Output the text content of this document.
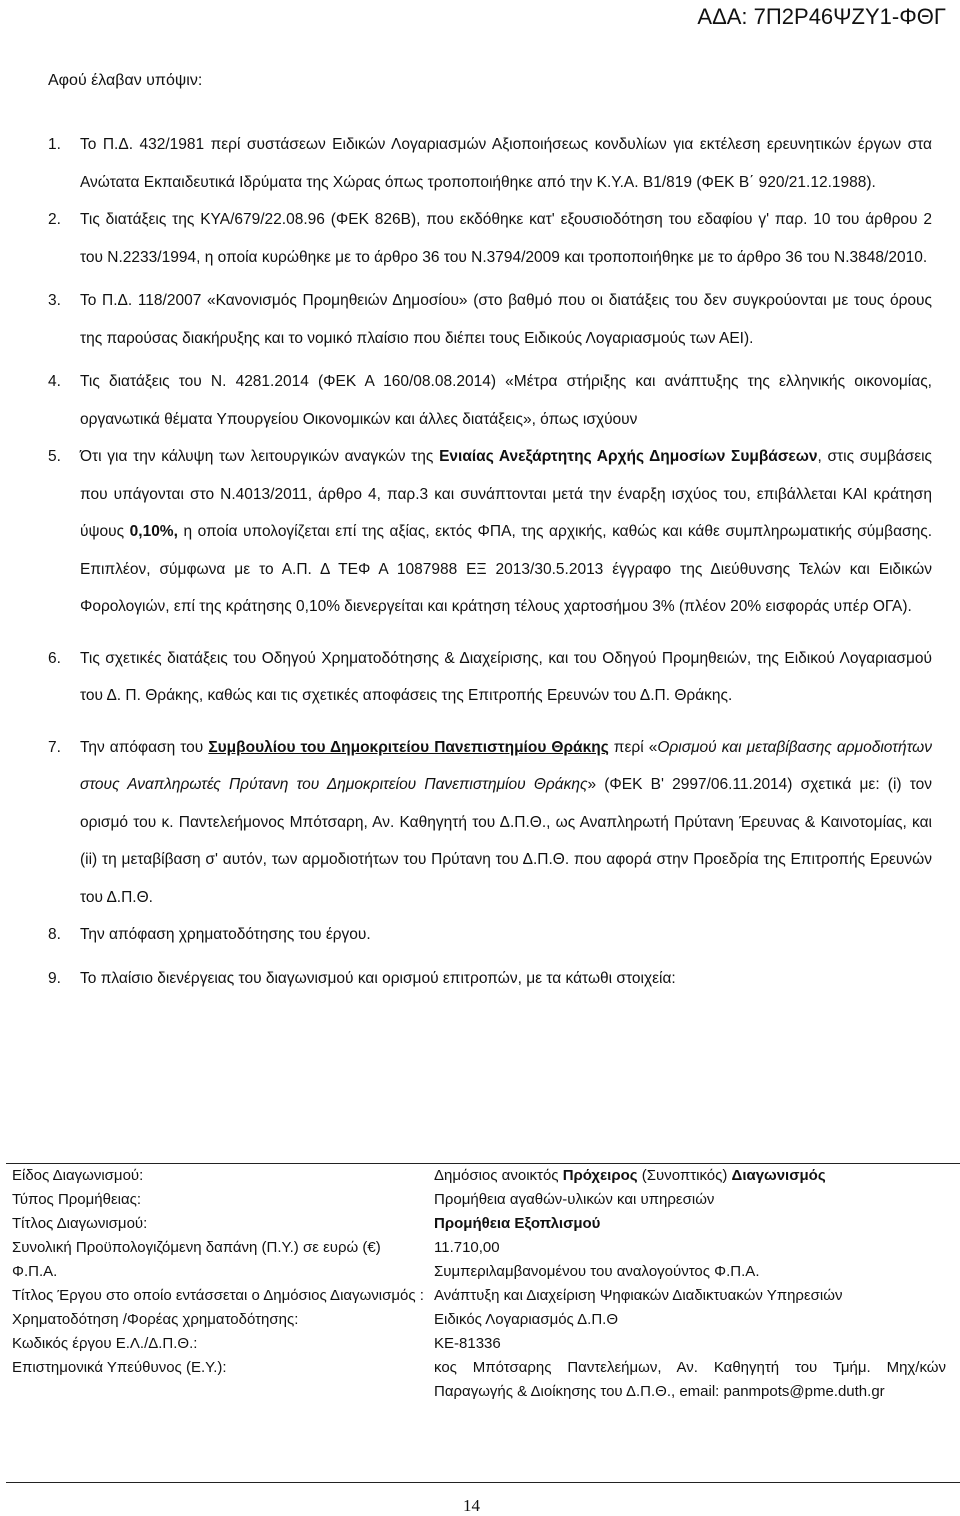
ΑΔΑ: 7Π2Ρ46ΨΖΥ1-ΦΘΓ
Αφού έλαβαν υπόψιν:
1. Το Π.Δ. 432/1981 περί συστάσεων Ειδικών Λογαριασμών Αξιοποιήσεως κονδυλίων για εκτέλεση ερευνητικών έργων στα Ανώτατα Εκπαιδευτικά Ιδρύματα της Χώρας όπως τροποποιήθηκε από την Κ.Υ.Α. Β1/819 (ΦΕΚ Β΄ 920/21.12.1988).
2. Τις διατάξεις της ΚΥΑ/679/22.08.96 (ΦΕΚ 826Β), που εκδόθηκε κατ' εξουσιοδότηση του εδαφίου γ' παρ. 10 του άρθρου 2 του Ν.2233/1994, η οποία κυρώθηκε με το άρθρο 36 του Ν.3794/2009 και τροποποιήθηκε με το άρθρο 36 του Ν.3848/2010.
3. Το Π.Δ. 118/2007 «Κανονισμός Προμηθειών Δημοσίου» (στο βαθμό που οι διατάξεις του δεν συγκρούονται με τους όρους της παρούσας διακήρυξης και το νομικό πλαίσιο που διέπει τους Ειδικούς Λογαριασμούς των ΑΕΙ).
4. Τις διατάξεις του Ν. 4281.2014 (ΦΕΚ Α 160/08.08.2014) «Μέτρα στήριξης και ανάπτυξης της ελληνικής οικονομίας, οργανωτικά θέματα Υπουργείου Οικονομικών και άλλες διατάξεις», όπως ισχύουν
5. Ότι για την κάλυψη των λειτουργικών αναγκών της Ενιαίας Ανεξάρτητης Αρχής Δημοσίων Συμβάσεων, στις συμβάσεις που υπάγονται στο Ν.4013/2011, άρθρο 4, παρ.3 και συνάπτονται μετά την έναρξη ισχύος του, επιβάλλεται ΚΑΙ κράτηση ύψους 0,10%, η οποία υπολογίζεται επί της αξίας, εκτός ΦΠΑ, της αρχικής, καθώς και κάθε συμπληρωματικής σύμβασης. Επιπλέον, σύμφωνα με το Α.Π. Δ ΤΕΦ Α 1087988 ΕΞ 2013/30.5.2013 έγγραφο της Διεύθυνσης Τελών και Ειδικών Φορολογιών, επί της κράτησης 0,10% διενεργείται και κράτηση τέλους χαρτοσήμου 3% (πλέον 20% εισφοράς υπέρ ΟΓΑ).
6. Τις σχετικές διατάξεις του Οδηγού Χρηματοδότησης & Διαχείρισης, και του Οδηγού Προμηθειών, της Ειδικού Λογαριασμού του Δ. Π. Θράκης, καθώς και τις σχετικές αποφάσεις της Επιτροπής Ερευνών του Δ.Π. Θράκης.
7. Την απόφαση του Συμβουλίου του Δημοκριτείου Πανεπιστημίου Θράκης περί «Ορισμού και μεταβίβασης αρμοδιοτήτων στους Αναπληρωτές Πρύτανη του Δημοκριτείου Πανεπιστημίου Θράκης» (ΦΕΚ Β' 2997/06.11.2014) σχετικά με: (i) τον ορισμό του κ. Παντελεήμονος Μπότσαρη, Αν. Καθηγητή του Δ.Π.Θ., ως Αναπληρωτή Πρύτανη Έρευνας & Καινοτομίας, και (ii) τη μεταβίβαση σ' αυτόν, των αρμοδιοτήτων του Πρύτανη του Δ.Π.Θ. που αφορά στην Προεδρία της Επιτροπής Ερευνών του Δ.Π.Θ.
8. Την απόφαση χρηματοδότησης του έργου.
9. Το πλαίσιο διενέργειας του διαγωνισμού και ορισμού επιτροπών, με τα κάτωθι στοιχεία:
Είδος Διαγωνισμού:	Δημόσιος ανοικτός Πρόχειρος (Συνοπτικός) Διαγωνισμός
Τύπος Προμήθειας:	Προμήθεια αγαθών-υλικών και υπηρεσιών
Τίτλος Διαγωνισμού:	Προμήθεια Εξοπλισμού
Συνολική Προϋπολογιζόμενη δαπάνη (Π.Υ.) σε ευρώ (€)	11.710,00
Φ.Π.Α.	Συμπεριλαμβανομένου του αναλογούντος Φ.Π.Α.
Τίτλος Έργου στο οποίο εντάσσεται ο Δημόσιος Διαγωνισμός : Ανάπτυξη και Διαχείριση Ψηφιακών Διαδικτυακών Υπηρεσιών
Χρηματοδότηση /Φορέας χρηματοδότησης:	Ειδικός Λογαριασμός Δ.Π.Θ
Κωδικός έργου Ε.Λ./Δ.Π.Θ.:	ΚΕ-81336
Επιστημονικά Υπεύθυνος (Ε.Υ.):	κος Μπότσαρης Παντελεήμων, Αν. Καθηγητή του Τμήμ. Μηχ/κών Παραγωγής & Διοίκησης του Δ.Π.Θ., email: panmpots@pme.duth.gr
14
